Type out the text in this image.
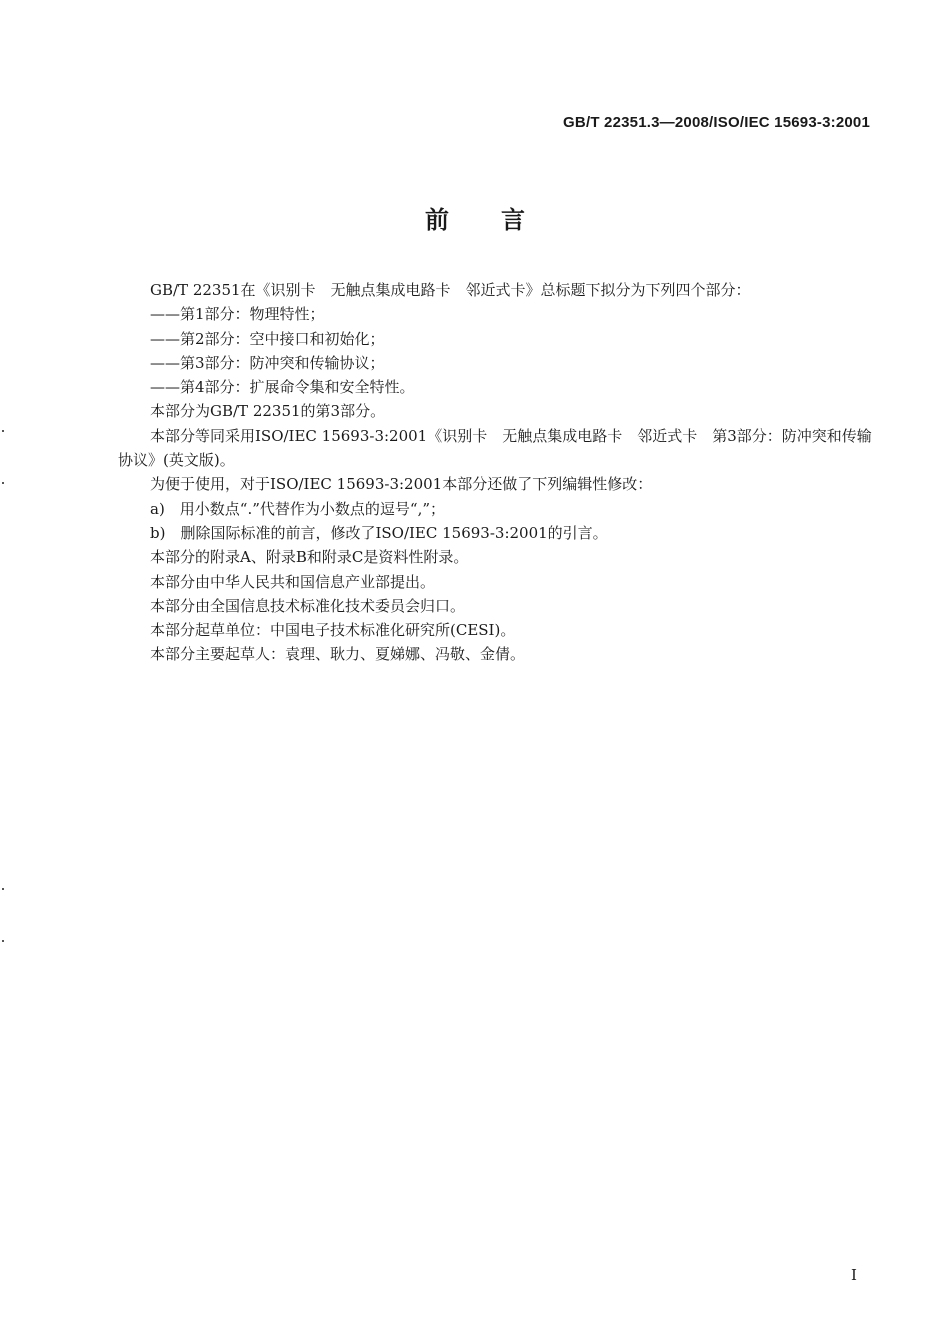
GB/T 22351.3—2008/ISO/IEC 15693-3:2001
前言

GB/T 22351在《识别卡　无触点集成电路卡　邻近式卡》总标题下拟分为下列四个部分：

——第1部分：物理特性；

——第2部分：空中接口和初始化；

——第3部分：防冲突和传输协议；

——第4部分：扩展命令集和安全特性。

本部分为GB/T 22351的第3部分。

本部分等同采用ISO/IEC 15693-3:2001《识别卡　无触点集成电路卡　邻近式卡　第3部分：防冲突和传输协议》(英文版)。

为便于使用，对于ISO/IEC 15693-3:2001本部分还做了下列编辑性修改：

a)　用小数点“.”代替作为小数点的逗号“,”；

b)　删除国际标准的前言，修改了ISO/IEC 15693-3:2001的引言。

本部分的附录A、附录B和附录C是资料性附录。

本部分由中华人民共和国信息产业部提出。

本部分由全国信息技术标准化技术委员会归口。

本部分起草单位：中国电子技术标准化研究所(CESI)。

本部分主要起草人：袁理、耿力、夏娣娜、冯敬、金倩。

I
